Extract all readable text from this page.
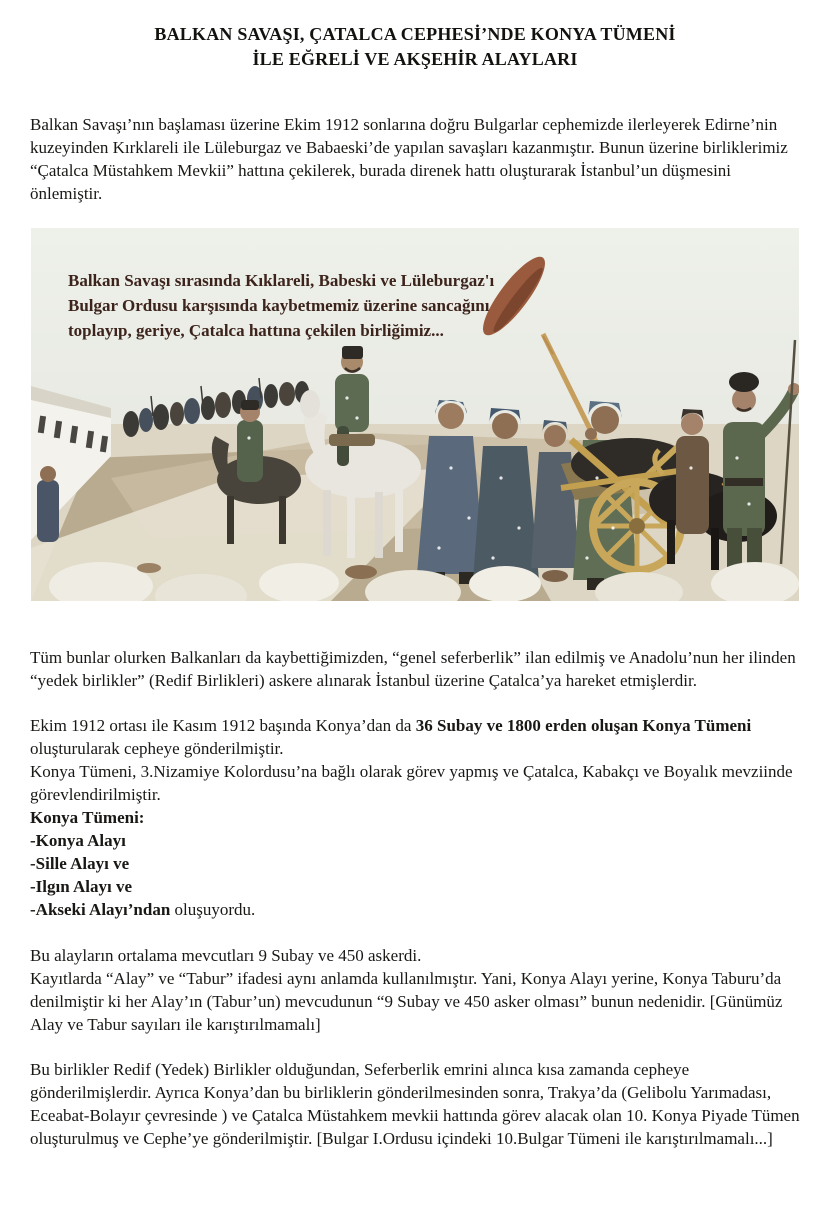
BALKAN SAVAŞI, ÇATALCA CEPHESİ’NDE KONYA TÜMENİ
İLE EĞRELİ VE AKŞEHİR ALAYLARI
Balkan Savaşı’nın başlaması üzerine Ekim 1912 sonlarına doğru Bulgarlar cephemizde ilerleyerek Edirne’nin kuzeyinden Kırklareli ile Lüleburgaz ve Babaeski’de yapılan savaşları kazanmıştır. Bunun üzerine birliklerimiz “Çatalca Müstahkem Mevkii” hattına çekilerek, burada direnek hattı oluşturarak İstanbul’un düşmesini önlemiştir.
Balkan Savaşı sırasında Kıklareli, Babeski ve Lüleburgaz'ı
Bulgar Ordusu karşısında kaybetmemiz üzerine sancağını
toplayıp, geriye, Çatalca hattına çekilen birliğimiz...
Tüm bunlar olurken Balkanları da kaybettiğimizden, “genel seferberlik” ilan edilmiş ve Anadolu’nun her ilinden “yedek birlikler” (Redif Birlikleri) askere alınarak İstanbul üzerine Çatalca’ya hareket etmişlerdir.
Ekim 1912 ortası ile Kasım 1912 başında Konya’dan da 36 Subay ve 1800 erden oluşan Konya Tümeni oluşturularak cepheye gönderilmiştir.
Konya Tümeni, 3.Nizamiye Kolordusu’na bağlı olarak görev yapmış ve Çatalca, Kabakçı ve Boyalık mevziinde görevlendirilmiştir.
Konya Tümeni:
-Konya Alayı
-Sille Alayı ve
-Ilgın Alayı ve
-Akseki Alayı’ndan oluşuyordu.
Bu alayların ortalama mevcutları 9 Subay ve 450 askerdi.
Kayıtlarda “Alay” ve “Tabur” ifadesi aynı anlamda kullanılmıştır. Yani, Konya Alayı yerine, Konya Taburu’da denilmiştir ki her Alay’ın (Tabur’un) mevcudunun “9 Subay ve 450 asker olması” bunun nedenidir. [Günümüz Alay ve Tabur sayıları ile karıştırılmamalı]
Bu birlikler Redif (Yedek) Birlikler olduğundan, Seferberlik emrini alınca kısa zamanda cepheye gönderilmişlerdir. Ayrıca Konya’dan bu birliklerin gönderilmesinden sonra, Trakya’da (Gelibolu Yarımadası, Eceabat-Bolayır çevresinde ) ve Çatalca Müstahkem mevkii hattında görev alacak olan 10. Konya Piyade Tümen oluşturulmuş ve Cephe’ye gönderilmiştir. [Bulgar I.Ordusu içindeki 10.Bulgar Tümeni ile karıştırılmamalı...]
